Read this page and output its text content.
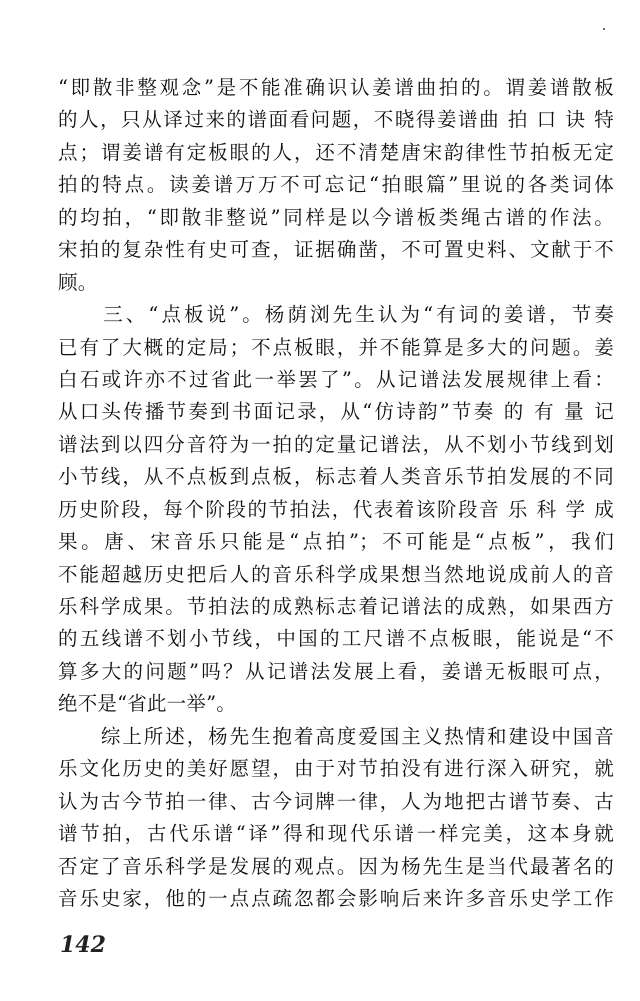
“即散非整观念”是不能准确识认姜谱曲拍的。谓姜谱散板
的人，只从译过来的谱面看问题，不晓得姜谱曲 拍 口 诀 特
点；谓姜谱有定板眼的人，还不清楚唐宋韵律性节拍板无定
拍的特点。读姜谱万万不可忘记“拍眼篇”里说的各类词体
的均拍，“即散非整说”同样是以今谱板类绳古谱的作法。
宋拍的复杂性有史可查，证据确凿，不可置史料、文献于不
顾。
　　三、“点板说”。杨荫浏先生认为“有词的姜谱，节奏
已有了大概的定局；不点板眼，并不能算是多大的问题。姜
白石或许亦不过省此一举罢了”。从记谱法发展规律上看：
从口头传播节奏到书面记录，从“仿诗韵”节奏 的 有 量 记
谱法到以四分音符为一拍的定量记谱法，从不划小节线到划
小节线，从不点板到点板，标志着人类音乐节拍发展的不同
历史阶段，每个阶段的节拍法，代表着该阶段音 乐 科 学 成
果。唐、宋音乐只能是“点拍”；不可能是“点板”，我们
不能超越历史把后人的音乐科学成果想当然地说成前人的音
乐科学成果。节拍法的成熟标志着记谱法的成熟，如果西方
的五线谱不划小节线，中国的工尺谱不点板眼，能说是“不
算多大的问题”吗？从记谱法发展上看，姜谱无板眼可点，
绝不是“省此一举”。
　　综上所述，杨先生抱着高度爱国主义热情和建设中国音
乐文化历史的美好愿望，由于对节拍没有进行深入研究，就
认为古今节拍一律、古今词牌一律，人为地把古谱节奏、古
谱节拍，古代乐谱“译”得和现代乐谱一样完美，这本身就
否定了音乐科学是发展的观点。因为杨先生是当代最著名的
音乐史家，他的一点点疏忽都会影响后来许多音乐史学工作
142
